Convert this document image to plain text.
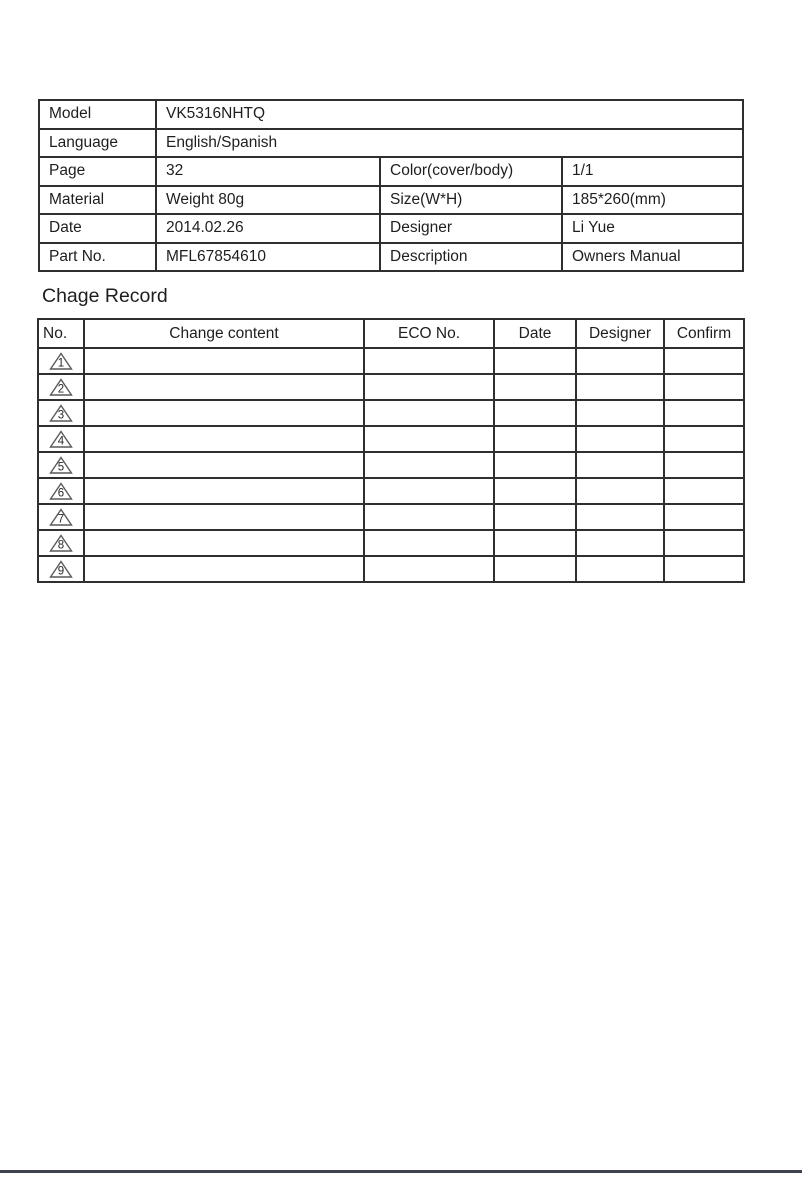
Model	VK5316NHTQ		
Language	English/Spanish		
Page	32	Color(cover/body)	1/1
Material	Weight 80g	Size(W*H)	185*260(mm)
Date	2014.02.26	Designer	Li Yue
Part No.	MFL67854610	Description	Owners Manual
Chage Record
No.	Change content	ECO No.	Date	Designer	Confirm

1					

2					

3					

4					

5					

6					

7					

8					

9					
